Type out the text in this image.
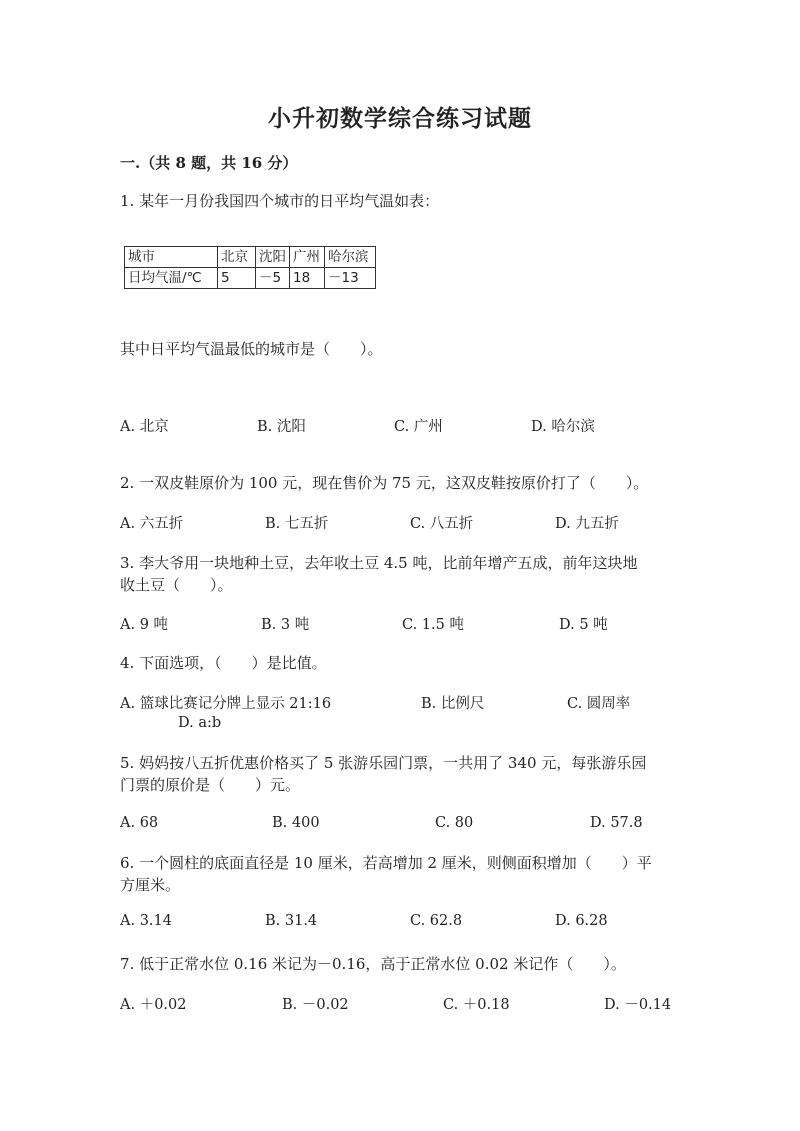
小升初数学综合练习试题
一.（共 8 题，共 16 分）
1. 某年一月份我国四个城市的日平均气温如表：
城市	北京	沈阳	广州	哈尔滨
日均气温/℃	5	－5	18	－13
其中日平均气温最低的城市是（　　）。
A. 北京	B. 沈阳	C. 广州	D. 哈尔滨
2. 一双皮鞋原价为 100 元，现在售价为 75 元，这双皮鞋按原价打了（　　）。
A. 六五折	B. 七五折	C. 八五折	D. 九五折
3. 李大爷用一块地种土豆，去年收土豆 4.5 吨，比前年增产五成，前年这块地
收土豆（　　）。
A. 9 吨	B. 3 吨	C. 1.5 吨	D. 5 吨
4. 下面选项，（　　）是比值。
A. 篮球比赛记分牌上显示 21:16	B. 比例尺	C. 圆周率
D. a:b
5. 妈妈按八五折优惠价格买了 5 张游乐园门票，一共用了 340 元，每张游乐园
门票的原价是（　　）元。
A. 68	B. 400	C. 80	D. 57.8
6. 一个圆柱的底面直径是 10 厘米，若高增加 2 厘米，则侧面积增加（　　）平
方厘米。
A. 3.14	B. 31.4	C. 62.8	D. 6.28
7. 低于正常水位 0.16 米记为－0.16，高于正常水位 0.02 米记作（　　）。
A. ＋0.02	B. －0.02	C. ＋0.18	D. －0.14
